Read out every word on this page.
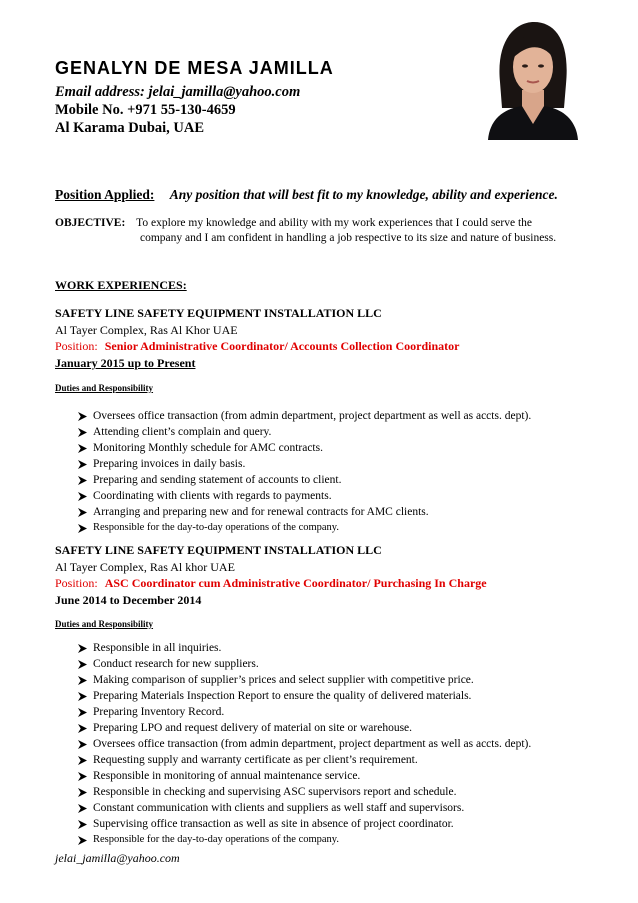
GENALYN DE MESA JAMILLA
Email address: jelai_jamilla@yahoo.com
Mobile No. +971 55-130-4659
Al Karama Dubai, UAE
Position Applied: Any position that will best fit to my knowledge, ability and experience.
OBJECTIVE: To explore my knowledge and ability with my work experiences that I could serve the
company and I am confident in handling a job respective to its size and nature of business.
WORK EXPERIENCES:
SAFETY LINE SAFETY EQUIPMENT INSTALLATION LLC
Al Tayer Complex, Ras Al Khor UAE
Position: Senior Administrative Coordinator/ Accounts Collection Coordinator
January 2015 up to Present
Duties and Responsibility
Oversees office transaction (from admin department, project department as well as accts. dept).
Attending client’s complain and query.
Monitoring Monthly schedule for AMC contracts.
Preparing invoices in daily basis.
Preparing and sending statement of accounts to client.
Coordinating with clients with regards to payments.
Arranging and preparing new and for renewal contracts for AMC clients.
Responsible for the day-to-day operations of the company.
SAFETY LINE SAFETY EQUIPMENT INSTALLATION LLC
Al Tayer Complex, Ras Al khor UAE
Position: ASC Coordinator cum Administrative Coordinator/ Purchasing In Charge
June 2014 to December 2014
Duties and Responsibility
Responsible in all inquiries.
Conduct research for new suppliers.
Making comparison of supplier’s prices and select supplier with competitive price.
Preparing Materials Inspection Report to ensure the quality of delivered materials.
Preparing Inventory Record.
Preparing LPO and request delivery of material on site or warehouse.
Oversees office transaction (from admin department, project department as well as accts. dept).
Requesting supply and warranty certificate as per client’s requirement.
Responsible in monitoring of annual maintenance service.
Responsible in checking and supervising ASC supervisors report and schedule.
Constant communication with clients and suppliers as well staff and supervisors.
Supervising office transaction as well as site in absence of project coordinator.
Responsible for the day-to-day operations of the company.
jelai_jamilla@yahoo.com
